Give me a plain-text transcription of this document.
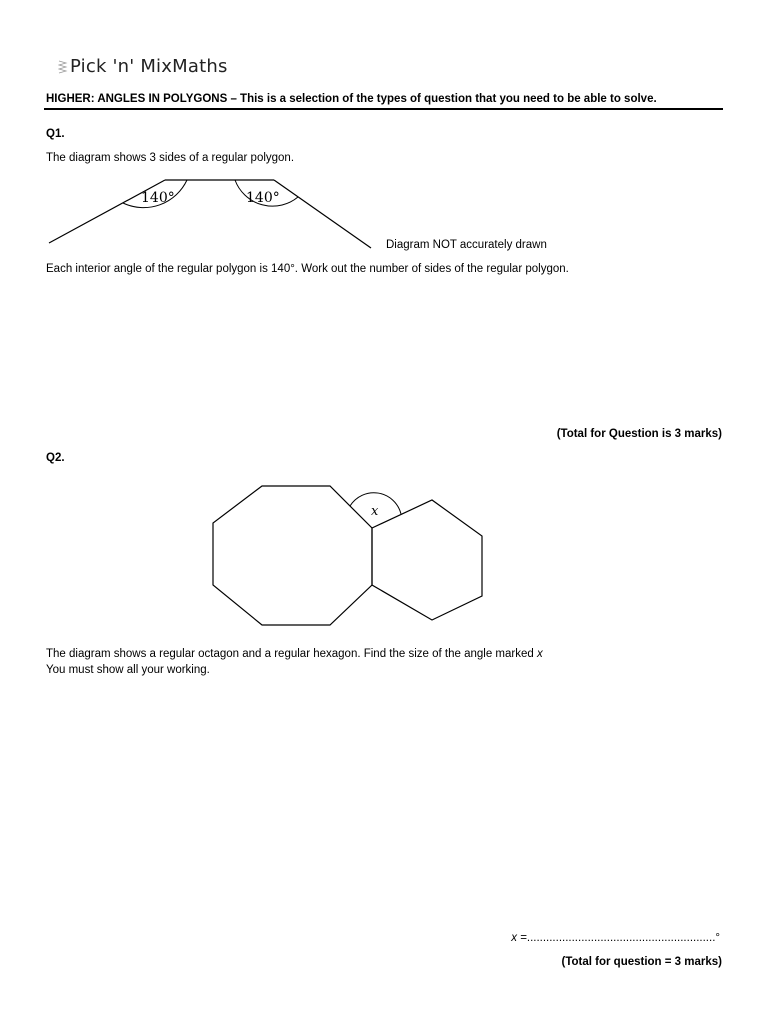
Pick 'n' MixMaths
HIGHER: ANGLES IN POLYGONS – This is a selection of the types of question that you need to be able to solve.
Q1.
The diagram shows 3 sides of a regular polygon.
140°	140°
Diagram NOT accurately drawn
Each interior angle of the regular polygon is 140°. Work out the number of sides of the regular polygon.
(Total for Question is 3 marks)
Q2.
x
The diagram shows a regular octagon and a regular hexagon. Find the size of the angle marked x
You must show all your working.
x =...........................................................°
(Total for question = 3 marks)
